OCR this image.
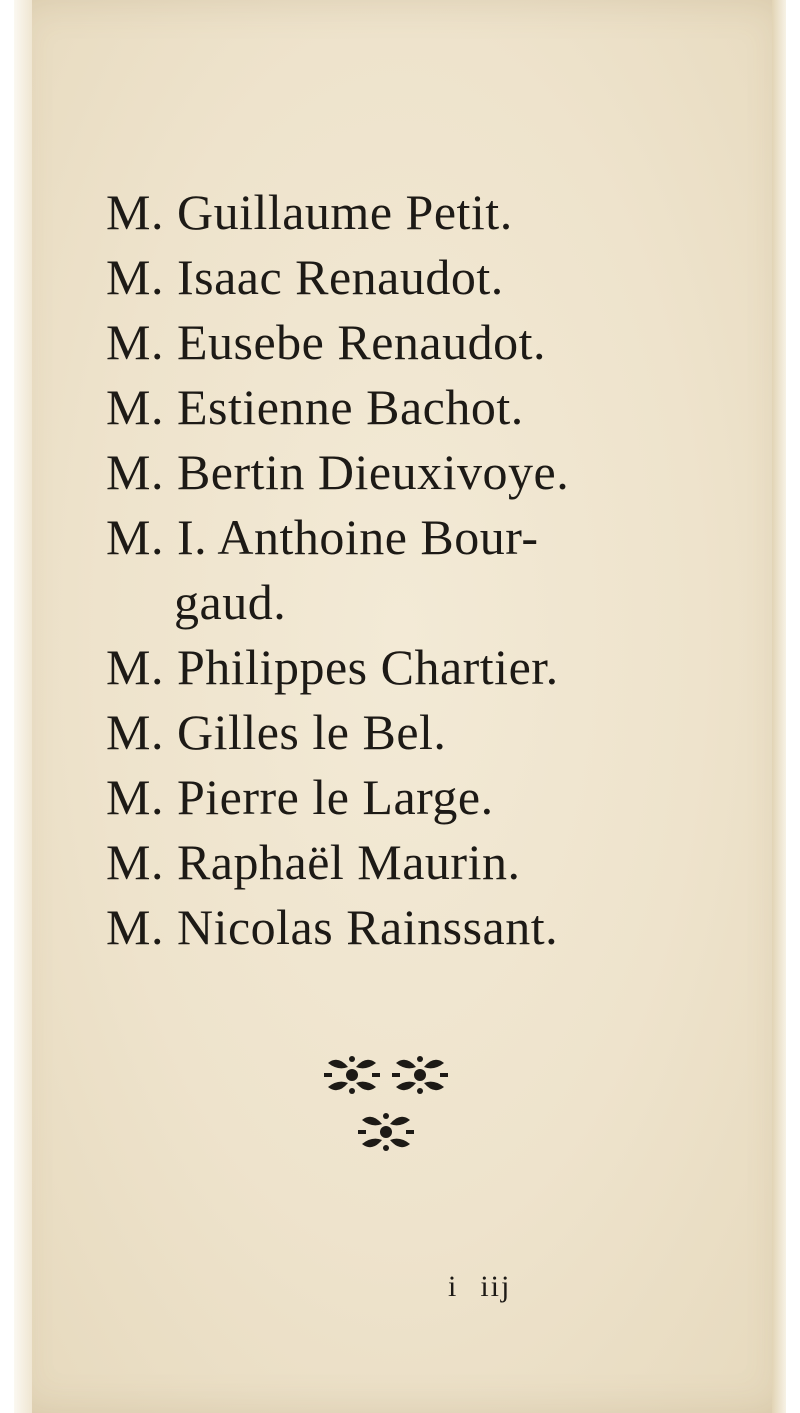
M. Guillaume Petit.
M. Isaac Renaudot.
M. Eusebe Renaudot.
M. Estienne Bachot.
M. Bertin Dieuxivoye.
M. I. Anthoine Bour-
gaud.
M. Philippes Chartier.
M. Gilles le Bel.
M. Pierre le Large.
M. Raphaël Maurin.
M. Nicolas Rainssant.
i iij
